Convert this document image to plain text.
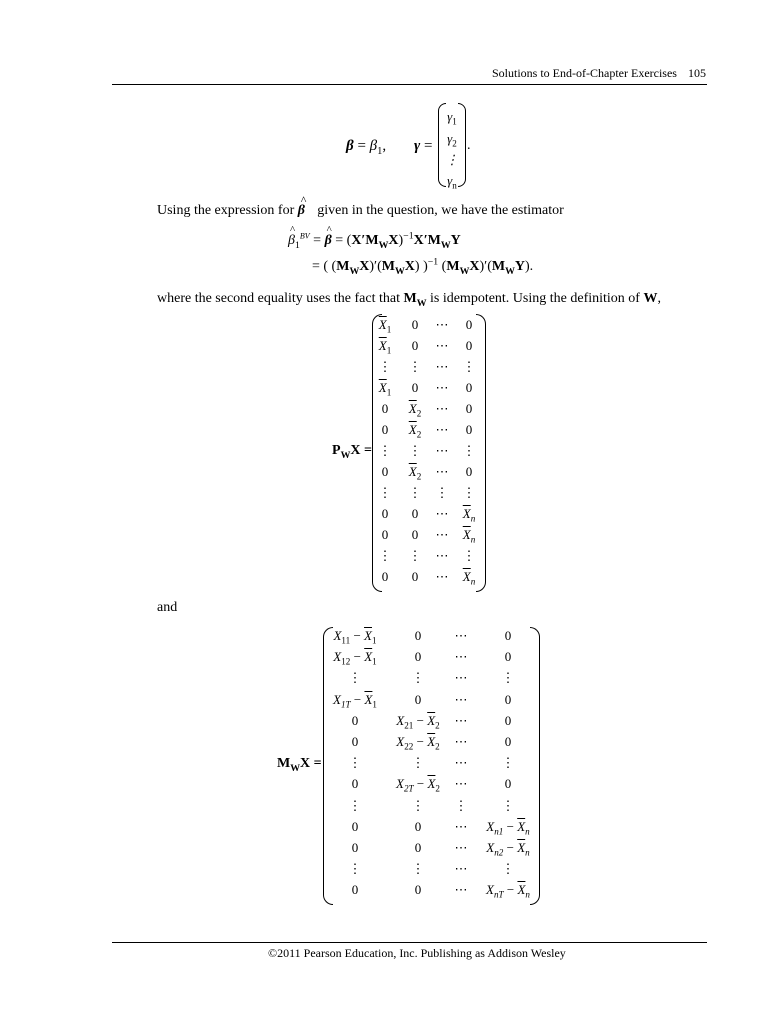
Solutions to End-of-Chapter Exercises 105
$\beta = \beta_1$, γ =
$\gamma_1$
$\gamma_2$
⋮
$\gamma_n$
.
Using the expression for β
^
given in the question, we have the estimator
β
^
$_1^{BV}$ = β
^
= $(X'M_WX)^{-1}X'M_WY$
= ( $(M_WX)'(M_WX)$ )$^{-1}$ $(M_WX)'(M_WY)$.
where the second equality uses the fact that $M_W$ is idempotent. Using the definition of W,
$P_WX$ =
$\overline{X}_1$ 0 ⋯ 0
$\overline{X}_1$ 0 ⋯ 0
⋮ ⋮ ⋯ ⋮
$\overline{X}_1$ 0 ⋯ 0
0 $\overline{X}_2$ ⋯ 0
0 $\overline{X}_2$ ⋯ 0
⋮ ⋮ ⋯ ⋮
0 $\overline{X}_2$ ⋯ 0
⋮ ⋮ ⋮ ⋮
0 0 ⋯ $\overline{X}_n$
0 0 ⋯ $\overline{X}_n$
⋮ ⋮ ⋯ ⋮
0 0 ⋯ $\overline{X}_n$
and
$M_WX$ =
$X_{11} - \overline{X}_1$	0	⋯	0
$X_{12} - \overline{X}_1$	0	⋯	0
⋮	⋮ ⋯	⋮
$X_{1T} - \overline{X}_1$	0	⋯	0
0	$X_{21} - \overline{X}_2$ ⋯	0
0	$X_{22} - \overline{X}_2$ ⋯	0
⋮	⋮ ⋯	⋮
0	$X_{2T} - \overline{X}_2$ ⋯	0
⋮	⋮ ⋮	⋮
0	0	⋯ $X_{n1} - \overline{X}_n$
0	0	⋯ $X_{n2} - \overline{X}_n$
⋮	⋮ ⋯	⋮
0	0	⋯ $X_{nT} - \overline{X}_n$
©2011 Pearson Education, Inc. Publishing as Addison Wesley
